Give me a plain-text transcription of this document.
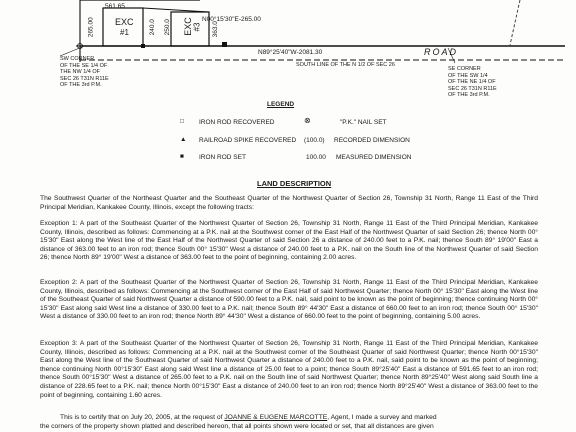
561.65
N00°15'30"E-265.00
N89°25'40"W-2081.30
265.00	240.0 250.0	363.0
EXC
#1	EXC #3
ROAD
SOUTH LINE OF THE N 1/2 OF SEC 26
SW CORNER
OF THE SE 1/4 OF
THE NW 1/4 OF
SEC 26 T31N R11E
OF THE 3rd P.M.
SE CORNER
OF THE SW 1/4
OF THE NE 1/4 OF
SEC 26 T31N R11E
OF THE 3rd P.M.
LEGEND
□ IRON ROD RECOVERED	⊗	"P.K." NAIL SET
▲ RAILROAD SPIKE RECOVERED (100.0) RECORDED DIMENSION
■ IRON ROD SET	100.00 MEASURED DIMENSION
LAND DESCRIPTION
The Southwest Quarter of the Northeast Quarter and the Southeast Quarter of the Northwest Quarter of Section 26, Township 31 North, Range 11 East of the Third Principal Meridian, Kankakee County, Illinois, except the following tracts:
Exception 1: A part of the Southeast Quarter of the Northwest Quarter of Section 26, Township 31 North, Range 11 East of the Third Principal Meridian, Kankakee County, Illinois, described as follows: Commencing at a P.K. nail at the Southwest corner of the East Half of the Northwest Quarter of said Section 26; thence North 00° 15'30" East along the West line of the East Half of the Northwest Quarter of said Section 26 a distance of 240.00 feet to a P.K. nail; thence South 89° 19'00" East a distance of 363.00 feet to an iron rod; thence South 00° 15'30" West a distance of 240.00 feet to a P.K. nail on the South line of the Northwest Quarter of said Section 26; thence North 89° 19'00" West a distance of 363.00 feet to the point of beginning, containing 2.00 acres.
Exception 2: A part of the Southeast Quarter of the Northwest Quarter of Section 26, Township 31 North, Range 11 East of the Third Principal Meridian, Kankakee County, Illinois, described as follows: Commencing at the Southwest corner of the East Half of said Northwest Quarter; thence North 00° 15'30" East along the West line of the Southeast Quarter of said Northwest Quarter a distance of 590.00 feet to a P.K. nail, said point to be known as the point of beginning; thence continuing North 00° 15'30" East along said West line a distance of 330.00 feet to a P.K. nail; thence South 89° 44'30" East a distance of 660.00 feet to an iron rod; thence South 00° 15'30" West a distance of 330.00 feet to an iron rod; thence North 89° 44'30" West a distance of 660.00 feet to the point of beginning, containing 5.00 acres.
Exception 3: A part of the Southeast Quarter of the Northwest Quarter of Section 26, Township 31 North, Range 11 East of the Third Principal Meridian, Kankakee County, Illinois, described as follows: Commencing at a P.K. nail at the Southwest corner of the Southeast Quarter of said Northwest Quarter; thence North 00°15'30" East along the West line of the Southeast Quarter of said Northwest Quarter a distance of 240.00 feet to a P.K. nail, said point to be known as the point of beginning; thence continuing North 00°15'30" East along said West line a distance of 25.00 feet to a point; thence South 89°25'40" East a distance of 591.65 feet to an iron rod; thence South 00°15'30" West a distance of 265.00 feet to a P.K. nail on the South line of said Northwest Quarter; thence North 89°25'40" West along said South line a distance of 228.65 feet to a P.K. nail; thence North 00°15'30" East a distance of 240.00 feet to an iron rod; thence North 89°25'40" West a distance of 363.00 feet to the point of beginning, containing 1.60 acres.
This is to certify that on July 20, 2005, at the request of JOANNE & EUGENE MARCOTTE, Agent, I made a survey and marked
the corners of the property shown platted and described hereon, that all points shown were located or set, that all distances are given
